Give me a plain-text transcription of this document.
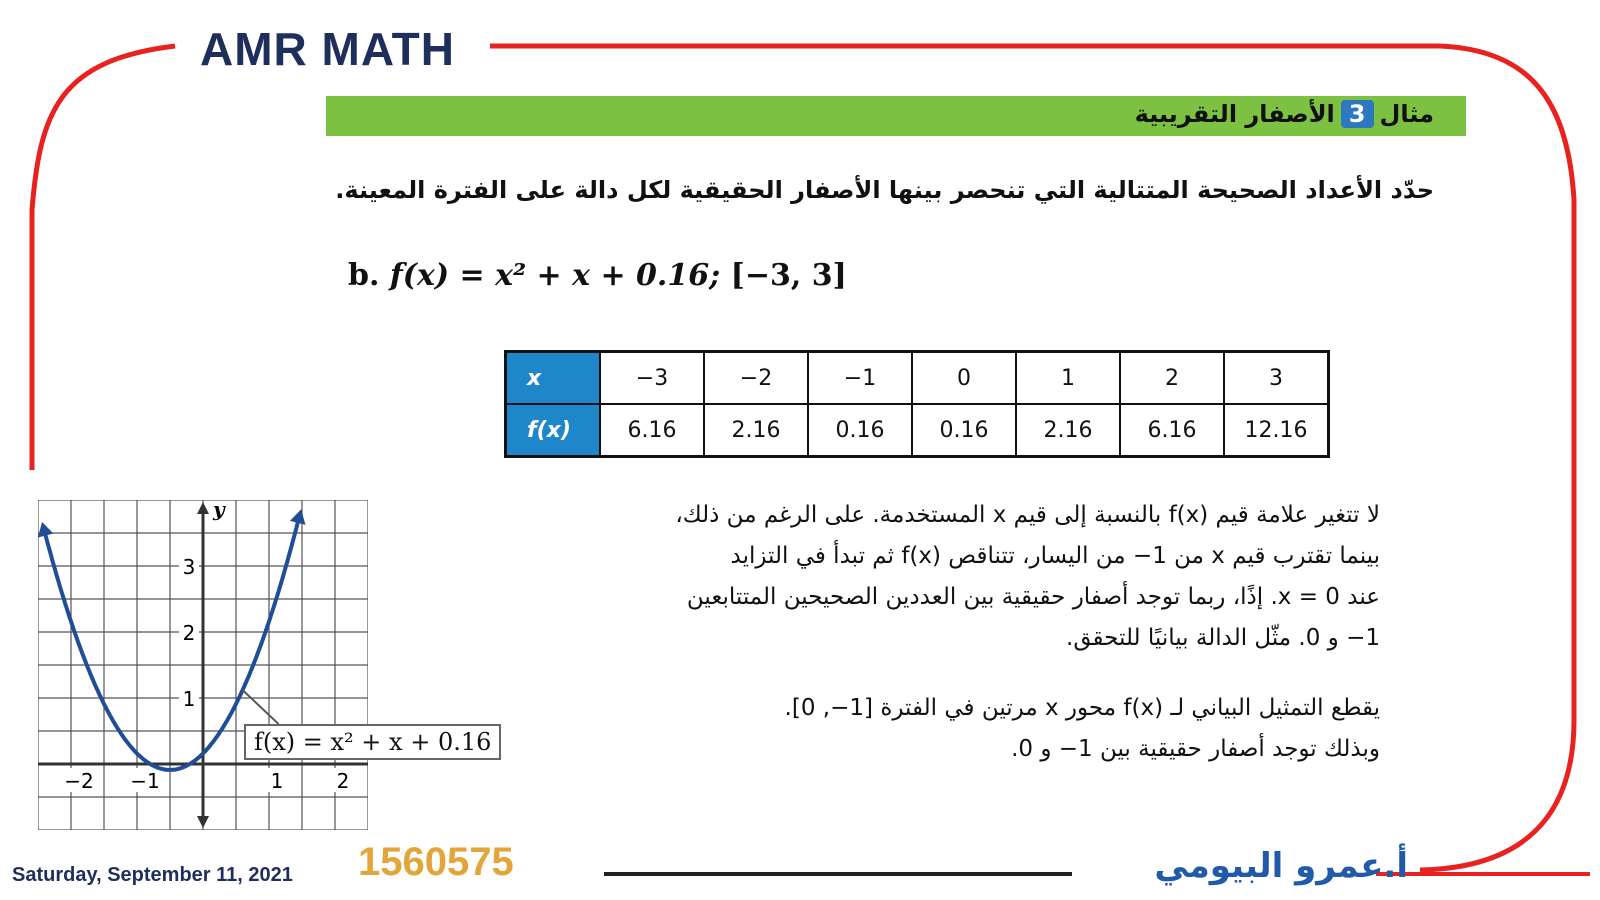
AMR MATH
مثال3الأصفار التقريبية
حدّد الأعداد الصحيحة المتتالية التي تنحصر بينها الأصفار الحقيقية لكل دالة على الفترة المعينة.
b. f(x) = x² + x + 0.16; [−3, 3]
x	−3	−2	−1	0	1	2	3
f(x)	6.16	2.16	0.16	0.16	2.16	6.16	12.16
لا تتغير علامة قيم f(x) بالنسبة إلى قيم x المستخدمة. على الرغم من ذلك،
بينما تقترب قيم x من 1− من اليسار، تتناقص f(x) ثم تبدأ في التزايد
عند 0 = x. إذًا، ربما توجد أصفار حقيقية بين العددين الصحيحين المتتابعين
1− و 0. مثّل الدالة بيانيًا للتحقق.
يقطع التمثيل البياني لـ f(x) محور x مرتين في الفترة [1−, 0].
وبذلك توجد أصفار حقيقية بين 1− و 0.
y
−2 −1	1	2
1
2
3
f(x) = x² + x + 0.16
Saturday, September 11, 2021 1560575	أ.عمرو البيومي
